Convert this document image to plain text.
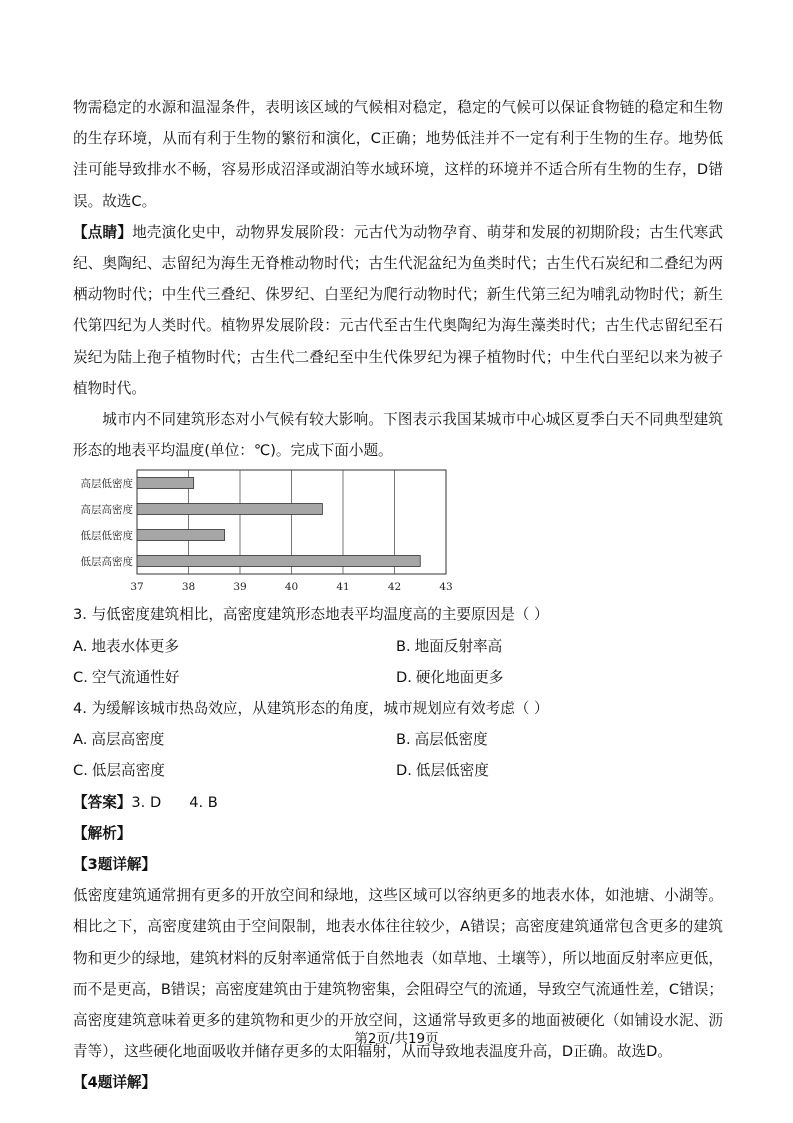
物需稳定的水源和温湿条件，表明该区域的气候相对稳定，稳定的气候可以保证食物链的稳定和生物的生存环境，从而有利于生物的繁衍和演化，C正确；地势低洼并不一定有利于生物的生存。地势低洼可能导致排水不畅，容易形成沼泽或湖泊等水域环境，这样的环境并不适合所有生物的生存，D错误。故选C。

【点睛】地壳演化史中，动物界发展阶段：元古代为动物孕育、萌芽和发展的初期阶段；古生代寒武纪、奥陶纪、志留纪为海生无脊椎动物时代；古生代泥盆纪为鱼类时代；古生代石炭纪和二叠纪为两栖动物时代；中生代三叠纪、侏罗纪、白垩纪为爬行动物时代；新生代第三纪为哺乳动物时代；新生代第四纪为人类时代。植物界发展阶段：元古代至古生代奥陶纪为海生藻类时代；古生代志留纪至石炭纪为陆上孢子植物时代；古生代二叠纪至中生代侏罗纪为裸子植物时代；中生代白垩纪以来为被子植物时代。

城市内不同建筑形态对小气候有较大影响。下图表示我国某城市中心城区夏季白天不同典型建筑形态的地表平均温度(单位：℃)。完成下面小题。

37	38	39	40	41	42	43
高层低密度
高层高密度
低层低密度
低层高密度

3. 与低密度建筑相比，高密度建筑形态地表平均温度高的主要原因是（ ）

A. 地表水体更多	B. 地面反射率高
C. 空气流通性好	D. 硬化地面更多

4. 为缓解该城市热岛效应，从建筑形态的角度，城市规划应有效考虑（ ）

A. 高层高密度	B. 高层低密度
C. 低层高密度	D. 低层低密度

【答案】3. D 4. B

【解析】

【3题详解】

低密度建筑通常拥有更多的开放空间和绿地，这些区域可以容纳更多的地表水体，如池塘、小湖等。相比之下，高密度建筑由于空间限制，地表水体往往较少，A错误；高密度建筑通常包含更多的建筑物和更少的绿地，建筑材料的反射率通常低于自然地表（如草地、土壤等），所以地面反射率应更低，而不是更高，B错误；高密度建筑由于建筑物密集，会阻碍空气的流通，导致空气流通性差，C错误；高密度建筑意味着更多的建筑物和更少的开放空间，这通常导致更多的地面被硬化（如铺设水泥、沥青等），这些硬化地面吸收并储存更多的太阳辐射，从而导致地表温度升高，D正确。故选D。

【4题详解】

第2页/共19页
